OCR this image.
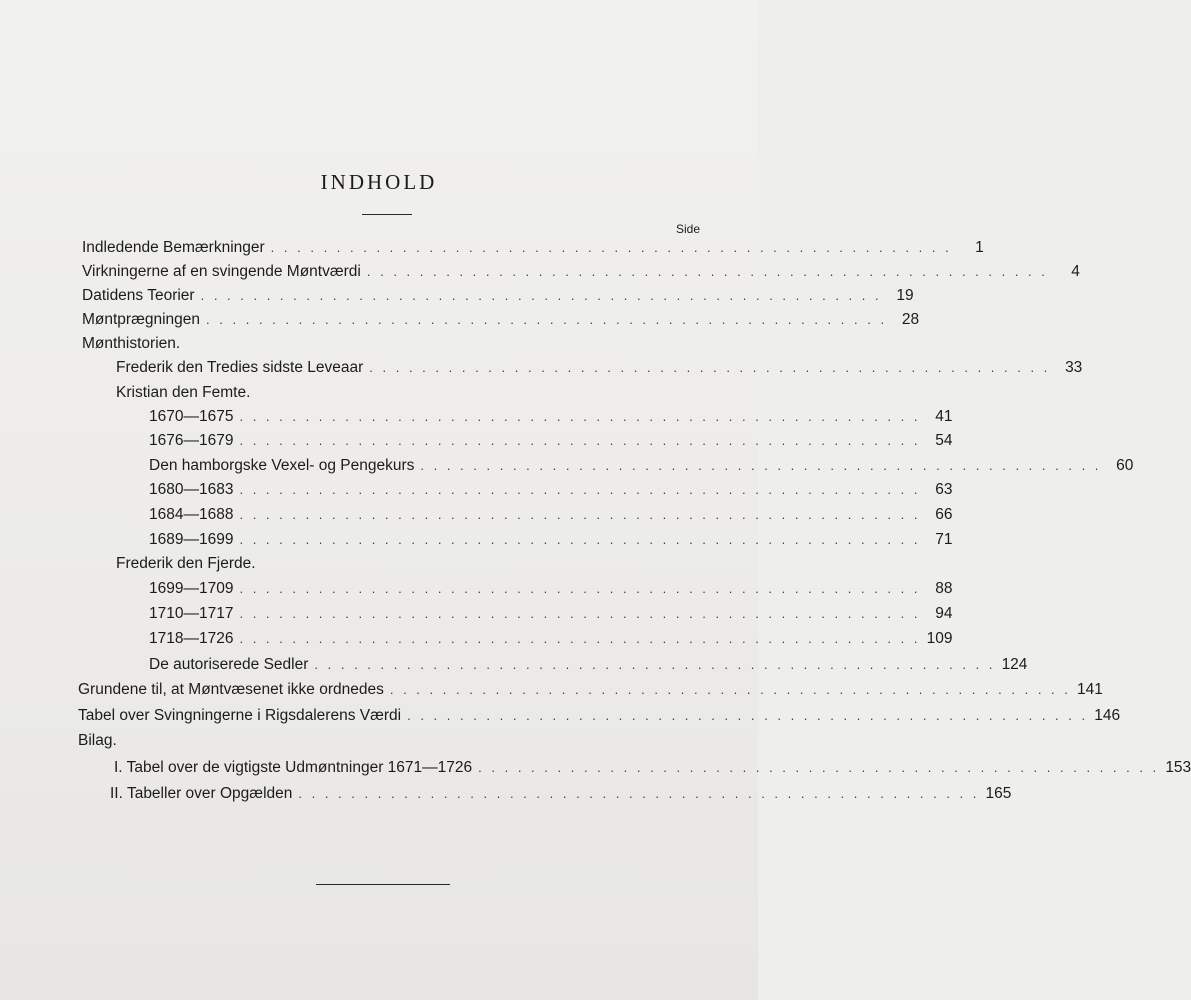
INDHOLD
Side
Indledende Bemærkninger . . . . . . . . . . . . . . . . . . . . . . . . . . . . . . . . . . . . . . . . . . . . . . . . . . . .	1
Virkningerne af en svingende Møntværdi . . . . . . . . . . . . . . . . . . . . . . . . . . . . . . . . . . . . . . . . . . . . . . . . . . . .	4
Datidens Teorier . . . . . . . . . . . . . . . . . . . . . . . . . . . . . . . . . . . . . . . . . . . . . . . . . . . . 19
Møntprægningen . . . . . . . . . . . . . . . . . . . . . . . . . . . . . . . . . . . . . . . . . . . . . . . . . . . . 28
Mønthistorien.
Frederik den Tredies sidste Leveaar . . . . . . . . . . . . . . . . . . . . . . . . . . . . . . . . . . . . . . . . . . . . . . . . . . . . 33
Kristian den Femte.
1670—1675 . . . . . . . . . . . . . . . . . . . . . . . . . . . . . . . . . . . . . . . . . . . . . . . . . . . . 41
1676—1679 . . . . . . . . . . . . . . . . . . . . . . . . . . . . . . . . . . . . . . . . . . . . . . . . . . . . 54
Den hamborgske Vexel- og Pengekurs . . . . . . . . . . . . . . . . . . . . . . . . . . . . . . . . . . . . . . . . . . . . . . . . . . . . 60
1680—1683 . . . . . . . . . . . . . . . . . . . . . . . . . . . . . . . . . . . . . . . . . . . . . . . . . . . . 63
1684—1688 . . . . . . . . . . . . . . . . . . . . . . . . . . . . . . . . . . . . . . . . . . . . . . . . . . . . 66
1689—1699 . . . . . . . . . . . . . . . . . . . . . . . . . . . . . . . . . . . . . . . . . . . . . . . . . . . . 71
Frederik den Fjerde.
1699—1709 . . . . . . . . . . . . . . . . . . . . . . . . . . . . . . . . . . . . . . . . . . . . . . . . . . . . 88
1710—1717 . . . . . . . . . . . . . . . . . . . . . . . . . . . . . . . . . . . . . . . . . . . . . . . . . . . . 94
1718—1726 . . . . . . . . . . . . . . . . . . . . . . . . . . . . . . . . . . . . . . . . . . . . . . . . . . . . 109
De autoriserede Sedler . . . . . . . . . . . . . . . . . . . . . . . . . . . . . . . . . . . . . . . . . . . . . . . . . . . . 124
Grundene til, at Møntvæsenet ikke ordnedes . . . . . . . . . . . . . . . . . . . . . . . . . . . . . . . . . . . . . . . . . . . . . . . . . . . . 141
Tabel over Svingningerne i Rigsdalerens Værdi . . . . . . . . . . . . . . . . . . . . . . . . . . . . . . . . . . . . . . . . . . . . . . . . . . . . 146
Bilag.
I. Tabel over de vigtigste Udmøntninger 1671—1726 . . . . . . . . . . . . . . . . . . . . . . . . . . . . . . . . . . . . . . . . . . . . . . . . . . . . 153
II. Tabeller over Opgælden . . . . . . . . . . . . . . . . . . . . . . . . . . . . . . . . . . . . . . . . . . . . . . . . . . . . 165
